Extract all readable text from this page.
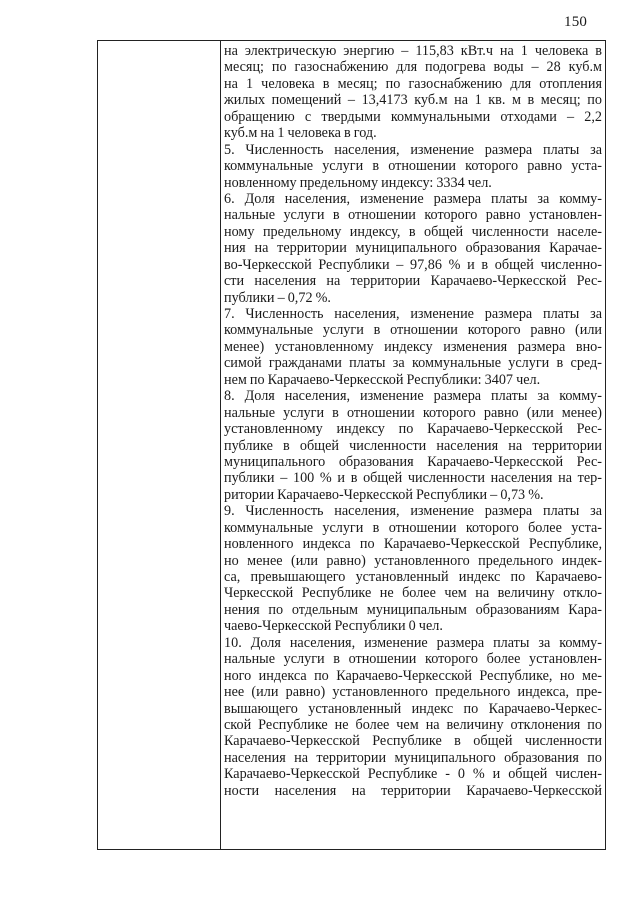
150
на электрическую энергию – 115,83 кВт.ч на 1 человека в
месяц; по газоснабжению для подогрева воды – 28 куб.м
на 1 человека в месяц; по газоснабжению для отопления
жилых помещений – 13,4173 куб.м на 1 кв. м в месяц; по
обращению с твердыми коммунальными отходами – 2,2
куб.м на 1 человека в год.
5. Численность населения, изменение размера платы за
коммунальные услуги в отношении которого равно уста-
новленному предельному индексу: 3334 чел.
6. Доля населения, изменение размера платы за комму-
нальные услуги в отношении которого равно установлен-
ному предельному индексу, в общей численности населе-
ния на территории муниципального образования Карачае-
во-Черкесской Республики – 97,86 % и в общей численно-
сти населения на территории Карачаево-Черкесской Рес-
публики – 0,72 %.
7. Численность населения, изменение размера платы за
коммунальные услуги в отношении которого равно (или
менее) установленному индексу изменения размера вно-
симой гражданами платы за коммунальные услуги в сред-
нем по Карачаево-Черкесской Республики: 3407 чел.
8. Доля населения, изменение размера платы за комму-
нальные услуги в отношении которого равно (или менее)
установленному индексу по Карачаево-Черкесской Рес-
публике в общей численности населения на территории
муниципального образования Карачаево-Черкесской Рес-
публики – 100 % и в общей численности населения на тер-
ритории Карачаево-Черкесской Республики – 0,73 %.
9. Численность населения, изменение размера платы за
коммунальные услуги в отношении которого более уста-
новленного индекса по Карачаево-Черкесской Республике,
но менее (или равно) установленного предельного индек-
са, превышающего установленный индекс по Карачаево-
Черкесской Республике не более чем на величину откло-
нения по отдельным муниципальным образованиям Кара-
чаево-Черкесской Республики 0 чел.
10. Доля населения, изменение размера платы за комму-
нальные услуги в отношении которого более установлен-
ного индекса по Карачаево-Черкесской Республике, но ме-
нее (или равно) установленного предельного индекса, пре-
вышающего установленный индекс по Карачаево-Черкес-
ской Республике не более чем на величину отклонения по
Карачаево-Черкесской Республике в общей численности
населения на территории муниципального образования по
Карачаево-Черкесской Республике - 0 % и общей числен-
ности населения на территории Карачаево-Черкесской
